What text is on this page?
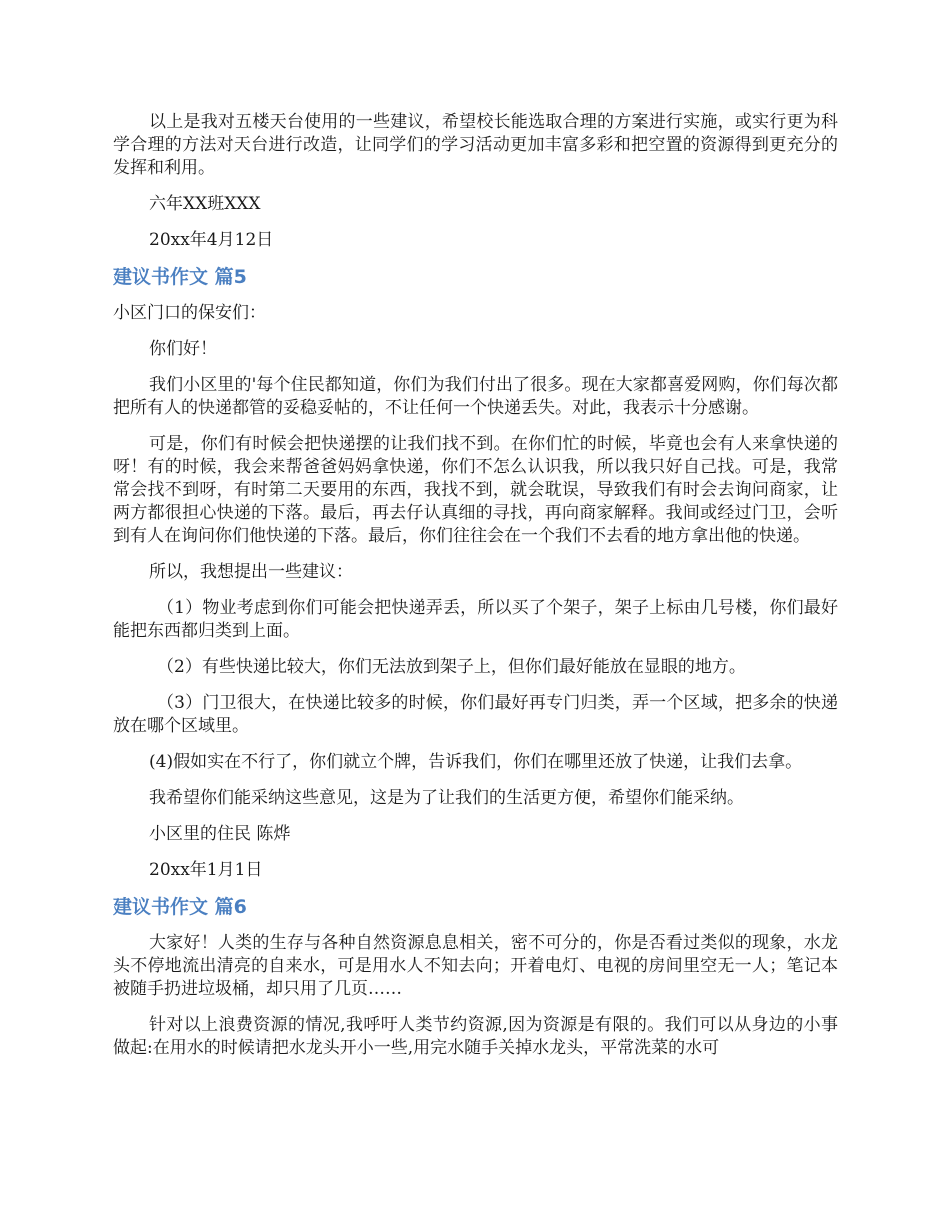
以上是我对五楼天台使用的一些建议，希望校长能选取合理的方案进行实施，或实行更为科学合理的方法对天台进行改造，让同学们的学习活动更加丰富多彩和把空置的资源得到更充分的发挥和利用。

六年XX班XXX

20xx年4月12日

建议书作文 篇5

小区门口的保安们：

你们好！

我们小区里的'每个住民都知道，你们为我们付出了很多。现在大家都喜爱网购，你们每次都把所有人的快递都管的妥稳妥帖的，不让任何一个快递丢失。对此，我表示十分感谢。

可是，你们有时候会把快递摆的让我们找不到。在你们忙的时候，毕竟也会有人来拿快递的呀！有的时候，我会来帮爸爸妈妈拿快递，你们不怎么认识我，所以我只好自己找。可是，我常常会找不到呀，有时第二天要用的东西，我找不到，就会耽误，导致我们有时会去询问商家，让两方都很担心快递的下落。最后，再去仔认真细的寻找，再向商家解释。我间或经过门卫，会听到有人在询问你们他快递的下落。最后，你们往往会在一个我们不去看的地方拿出他的快递。

所以，我想提出一些建议：

（1）物业考虑到你们可能会把快递弄丢，所以买了个架子，架子上标由几号楼，你们最好能把东西都归类到上面。

（2）有些快递比较大，你们无法放到架子上，但你们最好能放在显眼的地方。

（3）门卫很大，在快递比较多的时候，你们最好再专门归类，弄一个区域，把多余的快递放在哪个区域里。

(4)假如实在不行了，你们就立个牌，告诉我们，你们在哪里还放了快递，让我们去拿。

我希望你们能采纳这些意见，这是为了让我们的生活更方便，希望你们能采纳。

小区里的住民 陈烨

20xx年1月1日

建议书作文 篇6

大家好！人类的生存与各种自然资源息息相关，密不可分的，你是否看过类似的现象，水龙头不停地流出清亮的自来水，可是用水人不知去向；开着电灯、电视的房间里空无一人；笔记本被随手扔进垃圾桶，却只用了几页……

针对以上浪费资源的情况,我呼吁人类节约资源,因为资源是有限的。我们可以从身边的小事做起:在用水的时候请把水龙头开小一些,用完水随手关掉水龙头，平常洗菜的水可
